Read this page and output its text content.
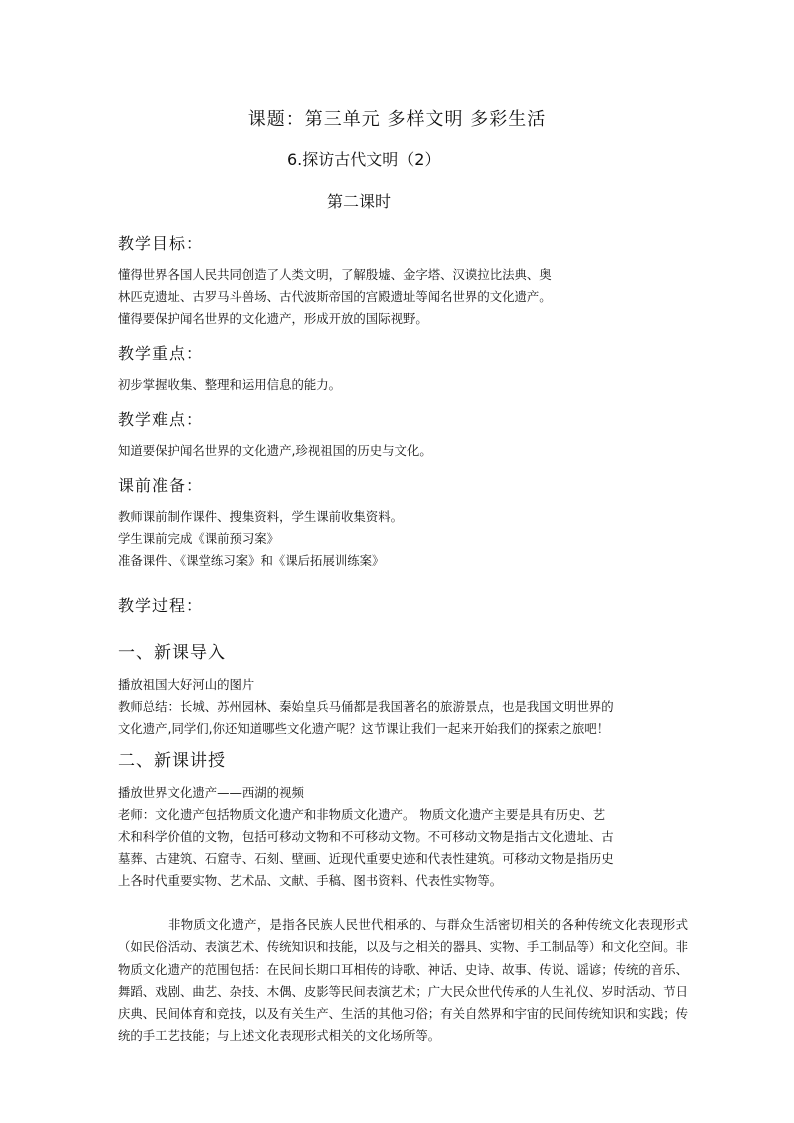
课题：第三单元 多样文明 多彩生活
6.探访古代文明（2）
第二课时

教学目标：

懂得世界各国人民共同创造了人类文明，了解殷墟、金字塔、汉谟拉比法典、奥

林匹克遗址、古罗马斗兽场、古代波斯帝国的宫殿遗址等闻名世界的文化遗产。

懂得要保护闻名世界的文化遗产，形成开放的国际视野。

教学重点：

初步掌握收集、整理和运用信息的能力。

教学难点：

知道要保护闻名世界的文化遗产,珍视祖国的历史与文化。

课前准备：

教师课前制作课件、搜集资料，学生课前收集资料。

学生课前完成《课前预习案》

准备课件、《课堂练习案》和《课后拓展训练案》

教学过程：

一、新课导入

播放祖国大好河山的图片

教师总结：长城、苏州园林、秦始皇兵马俑都是我国著名的旅游景点，也是我国文明世界的

文化遗产,同学们,你还知道哪些文化遗产呢？这节课让我们一起来开始我们的探索之旅吧！

二、新课讲授

播放世界文化遗产——西湖的视频

老师：文化遗产包括物质文化遗产和非物质文化遗产。 物质文化遗产主要是具有历史、艺

术和科学价值的文物，包括可移动文物和不可移动文物。不可移动文物是指古文化遗址、古

墓葬、古建筑、石窟寺、石刻、壁画、近现代重要史迹和代表性建筑。可移动文物是指历史

上各时代重要实物、艺术品、文献、手稿、图书资料、代表性实物等。

非物质文化遗产，是指各民族人民世代相承的、与群众生活密切相关的各种传统文化表现形式（如民俗活动、表演艺术、传统知识和技能，以及与之相关的器具、实物、手工制品等）和文化空间。非物质文化遗产的范围包括：在民间长期口耳相传的诗歌、神话、史诗、故事、传说、谣谚；传统的音乐、舞蹈、戏剧、曲艺、杂技、木偶、皮影等民间表演艺术；广大民众世代传承的人生礼仪、岁时活动、节日庆典、民间体育和竞技，以及有关生产、生活的其他习俗；有关自然界和宇宙的民间传统知识和实践；传统的手工艺技能；与上述文化表现形式相关的文化场所等。
